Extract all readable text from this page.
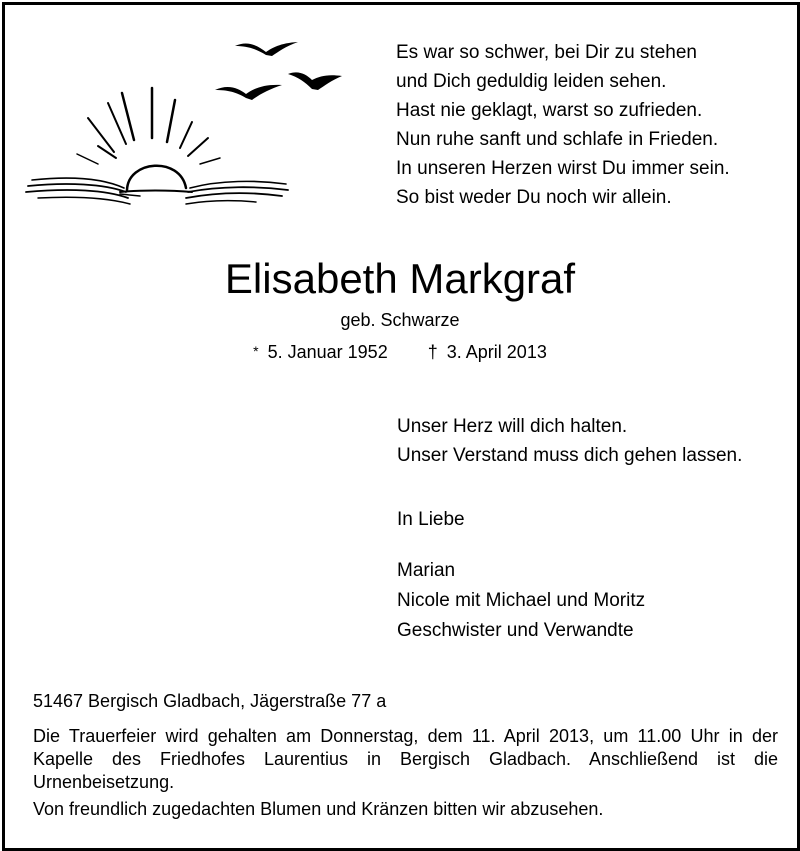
Es war so schwer, bei Dir zu stehen
und Dich geduldig leiden sehen.
Hast nie geklagt, warst so zufrieden.
Nun ruhe sanft und schlafe in Frieden.
In unseren Herzen wirst Du immer sein.
So bist weder Du noch wir allein.
Elisabeth Markgraf
geb. Schwarze
* 5. Januar 1952 † 3. April 2013
Unser Herz will dich halten.
Unser Verstand muss dich gehen lassen.
In Liebe
Marian
Nicole mit Michael und Moritz
Geschwister und Verwandte
51467 Bergisch Gladbach, Jägerstraße 77 a
Die Trauerfeier wird gehalten am Donnerstag, dem 11. April 2013, um 11.00 Uhr in der Kapelle des Friedhofes Laurentius in Bergisch Gladbach. Anschließend ist die Urnenbeisetzung.
Von freundlich zugedachten Blumen und Kränzen bitten wir abzusehen.
